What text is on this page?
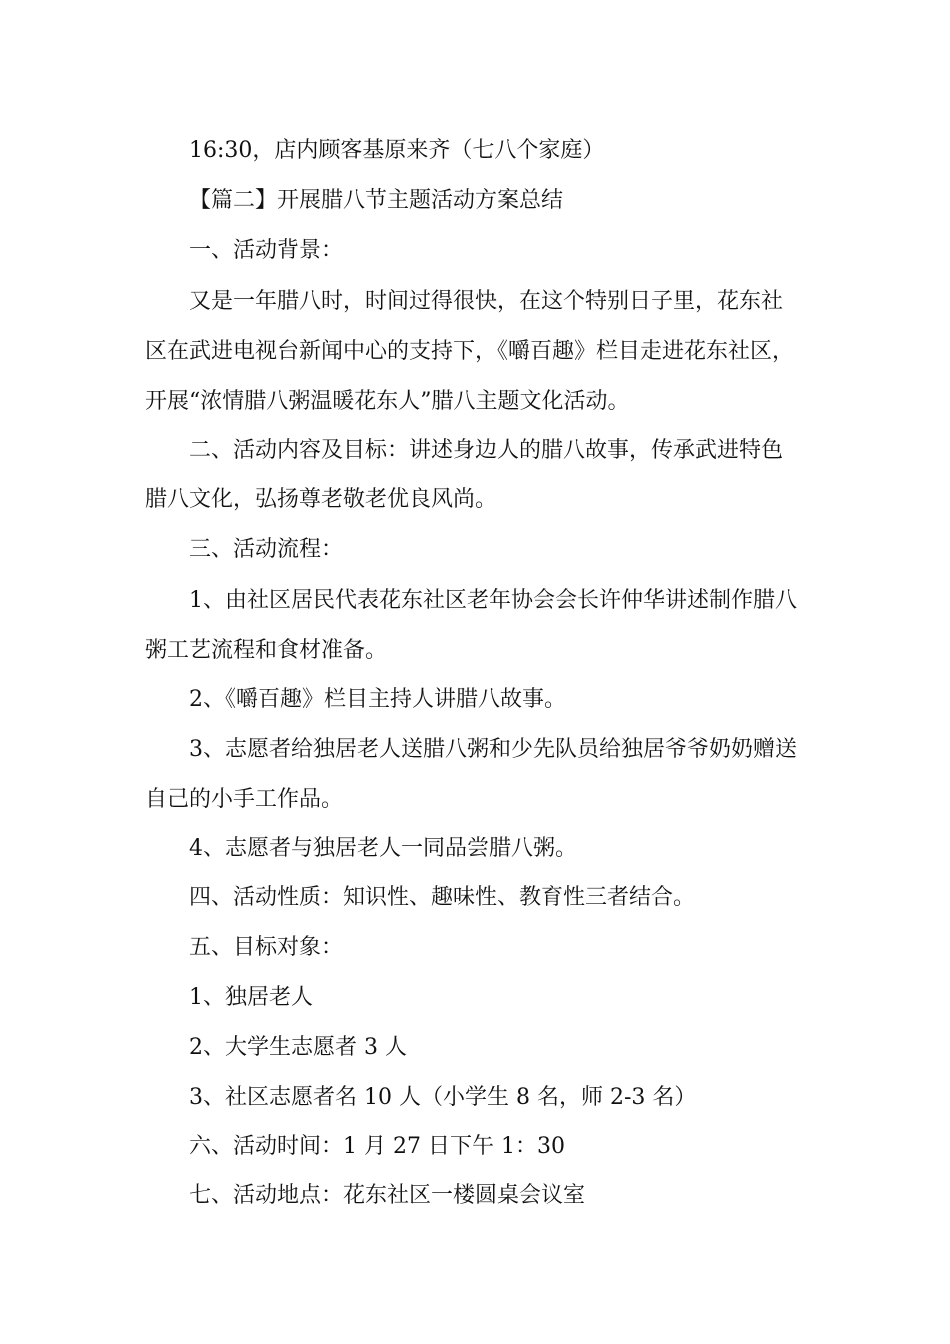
16:30，店内顾客基原来齐（七八个家庭）

【篇二】开展腊八节主题活动方案总结

一、活动背景：

又是一年腊八时，时间过得很快，在这个特别日子里，花东社

区在武进电视台新闻中心的支持下，《嚼百趣》栏目走进花东社区，

开展“浓情腊八粥温暖花东人”腊八主题文化活动。

二、活动内容及目标：讲述身边人的腊八故事，传承武进特色

腊八文化，弘扬尊老敬老优良风尚。

三、活动流程：

1、由社区居民代表花东社区老年协会会长许仲华讲述制作腊八

粥工艺流程和食材准备。

2、《嚼百趣》栏目主持人讲腊八故事。

3、志愿者给独居老人送腊八粥和少先队员给独居爷爷奶奶赠送

自己的小手工作品。

4、志愿者与独居老人一同品尝腊八粥。

四、活动性质：知识性、趣味性、教育性三者结合。

五、目标对象：

1、独居老人

2、大学生志愿者 3 人

3、社区志愿者名 10 人（小学生 8 名，师 2-3 名）

六、活动时间：1 月 27 日下午 1：30

七、活动地点：花东社区一楼圆桌会议室
